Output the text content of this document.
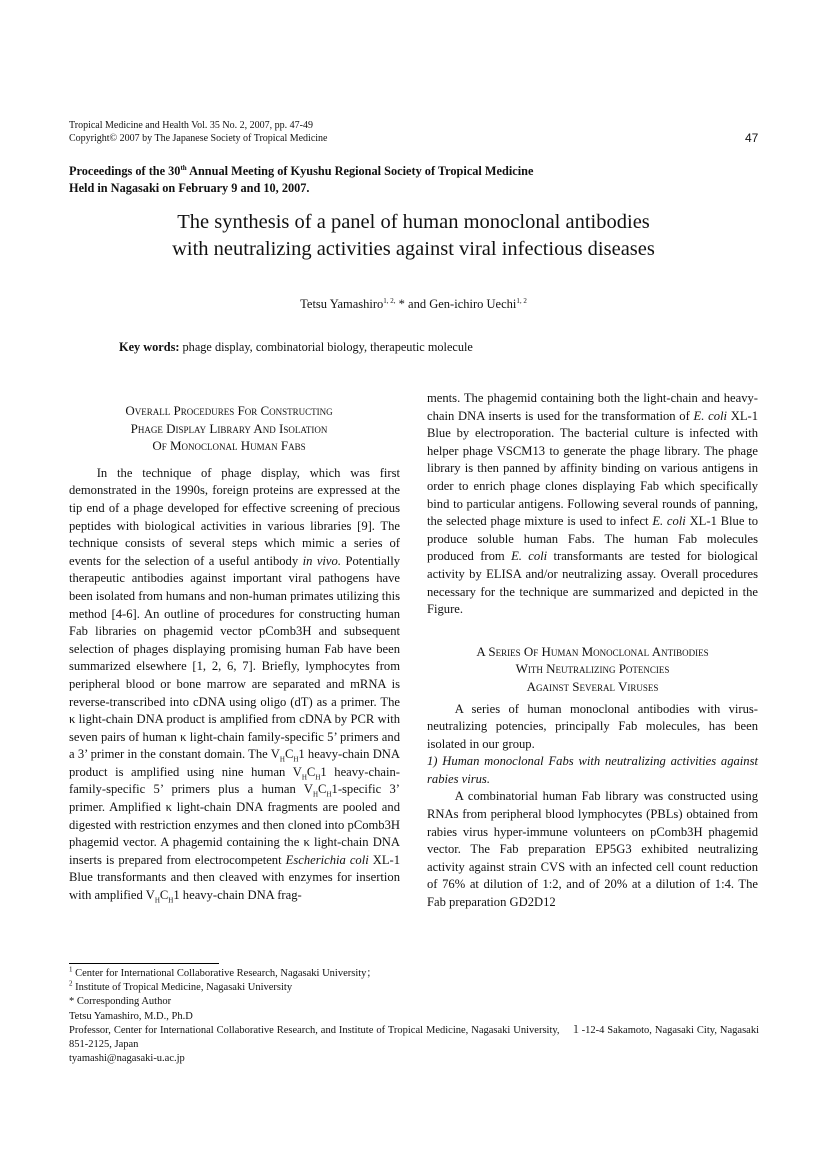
Tropical Medicine and Health Vol. 35 No. 2, 2007, pp. 47-49
Copyright© 2007 by The Japanese Society of Tropical Medicine	47
Proceedings of the 30th Annual Meeting of Kyushu Regional Society of Tropical Medicine
Held in Nagasaki on February 9 and 10, 2007.
The synthesis of a panel of human monoclonal antibodies
with neutralizing activities against viral infectious diseases
Tetsu Yamashiro$^{1, 2,}$ * and Gen-ichiro Uechi$^{1, 2}$
Key words: phage display, combinatorial biology, therapeutic molecule
Overall Procedures For Constructing
Phage Display Library And Isolation
Of Monoclonal Human Fabs

In the technique of phage display, which was first demonstrated in the 1990s, foreign proteins are expressed at the tip end of a phage developed for effective screening of precious peptides with biological activities in various libraries [9]. The technique consists of several steps which mimic a series of events for the selection of a useful antibody in vivo. Potentially therapeutic antibodies against important viral pathogens have been isolated from humans and non-human primates utilizing this method [4-6]. An outline of procedures for constructing human Fab libraries on phagemid vector pComb3H and subsequent selection of phages displaying promising human Fab have been summarized elsewhere [1, 2, 6, 7]. Briefly, lymphocytes from peripheral blood or bone marrow are separated and mRNA is reverse-transcribed into cDNA using oligo (dT) as a primer. The κ light-chain DNA product is amplified from cDNA by PCR with seven pairs of human κ light-chain family-specific 5’ primers and a 3’ primer in the constant domain. The $V_HC_H1$ heavy-chain DNA product is amplified using nine human $V_HC_H1$ heavy-chain-family-specific 5’ primers plus a human $V_HC_H1$-specific 3’ primer. Amplified κ light-chain DNA fragments are pooled and digested with restriction enzymes and then cloned into pComb3H phagemid vector. A phagemid containing the κ light-chain DNA inserts is prepared from electrocompetent Escherichia coli XL-1 Blue transformants and then cleaved with enzymes for insertion with amplified $V_HC_H1$ heavy-chain DNA frag-

ments. The phagemid containing both the light-chain and heavy-chain DNA inserts is used for the transformation of E. coli XL-1 Blue by electroporation. The bacterial culture is infected with helper phage VSCM13 to generate the phage library. The phage library is then panned by affinity binding on various antigens in order to enrich phage clones displaying Fab which specifically bind to particular antigens. Following several rounds of panning, the selected phage mixture is used to infect E. coli XL-1 Blue to produce soluble human Fabs. The human Fab molecules produced from E. coli transformants are tested for biological activity by ELISA and/or neutralizing assay. Overall procedures necessary for the technique are summarized and depicted in the Figure.

A Series Of Human Monoclonal Antibodies
With Neutralizing Potencies
Against Several Viruses

A series of human monoclonal antibodies with virus-neutralizing potencies, principally Fab molecules, has been isolated in our group.

1) Human monoclonal Fabs with neutralizing activities against rabies virus.

A combinatorial human Fab library was constructed using RNAs from peripheral blood lymphocytes (PBLs) obtained from rabies virus hyper-immune volunteers on pComb3H phagemid vector. The Fab preparation EP5G3 exhibited neutralizing activity against strain CVS with an infected cell count reduction of 76% at dilution of 1:2, and of 20% at a dilution of 1:4. The Fab preparation GD2D12

$^1$ Center for International Collaborative Research, Nagasaki University；
$^2$ Institute of Tropical Medicine, Nagasaki University
* Corresponding Author
Tetsu Yamashiro, M.D., Ph.D
Professor, Center for International Collaborative Research, and Institute of Tropical Medicine, Nagasaki University,　１-12-4 Sakamoto, Nagasaki City, Nagasaki 851-2125, Japan
tyamashi@nagasaki-u.ac.jp
